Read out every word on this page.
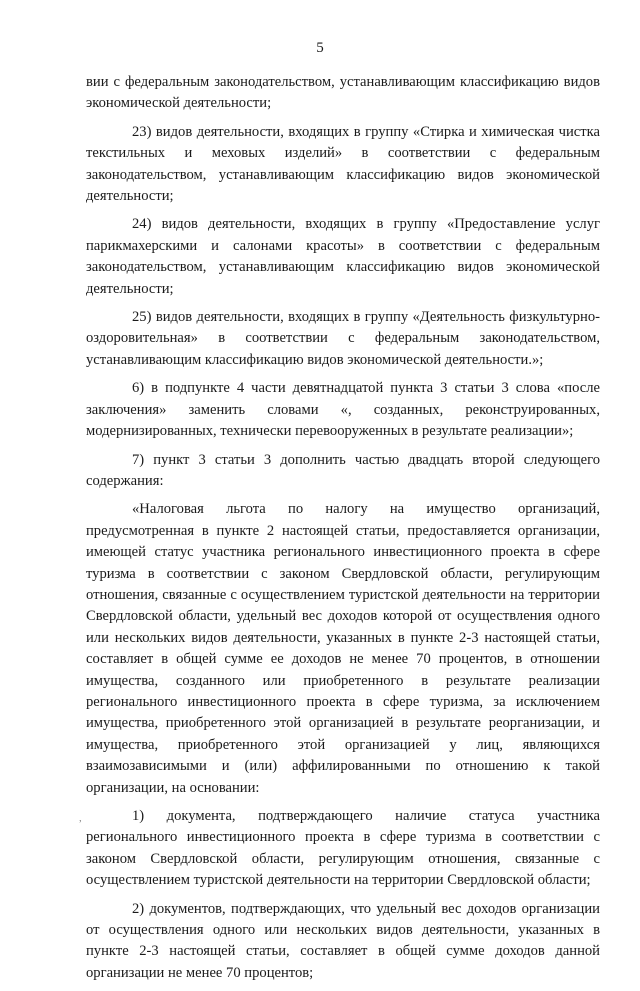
5

вии с федеральным законодательством, устанавливающим классификацию видов экономической деятельности;

23) видов деятельности, входящих в группу «Стирка и химическая чистка текстильных и меховых изделий» в соответствии с федеральным законодательством, устанавливающим классификацию видов экономической деятельности;

24) видов деятельности, входящих в группу «Предоставление услуг парикмахерскими и салонами красоты» в соответствии с федеральным законодательством, устанавливающим классификацию видов экономической деятельности;

25) видов деятельности, входящих в группу «Деятельность физкультурно-оздоровительная» в соответствии с федеральным законодательством, устанавливающим классификацию видов экономической деятельности.»;

6) в подпункте 4 части девятнадцатой пункта 3 статьи 3 слова «после заключения» заменить словами «, созданных, реконструированных, модернизированных, технически перевооруженных в результате реализации»;

7) пункт 3 статьи 3 дополнить частью двадцать второй следующего содержания:

«Налоговая льгота по налогу на имущество организаций, предусмотренная в пункте 2 настоящей статьи, предоставляется организации, имеющей статус участника регионального инвестиционного проекта в сфере туризма в соответствии с законом Свердловской области, регулирующим отношения, связанные с осуществлением туристской деятельности на территории Свердловской области, удельный вес доходов которой от осуществления одного или нескольких видов деятельности, указанных в пункте 2-3 настоящей статьи, составляет в общей сумме ее доходов не менее 70 процентов, в отношении имущества, созданного или приобретенного в результате реализации регионального инвестиционного проекта в сфере туризма, за исключением имущества, приобретенного этой организацией в результате реорганизации, и имущества, приобретенного этой организацией у лиц, являющихся взаимозависимыми и (или) аффилированными по отношению к такой организации, на основании:

1) документа, подтверждающего наличие статуса участника регионального инвестиционного проекта в сфере туризма в соответствии с законом Свердловской области, регулирующим отношения, связанные с осуществлением туристской деятельности на территории Свердловской области;

2) документов, подтверждающих, что удельный вес доходов организации от осуществления одного или нескольких видов деятельности, указанных в пункте 2-3 настоящей статьи, составляет в общей сумме доходов данной организации не менее 70 процентов;

,
